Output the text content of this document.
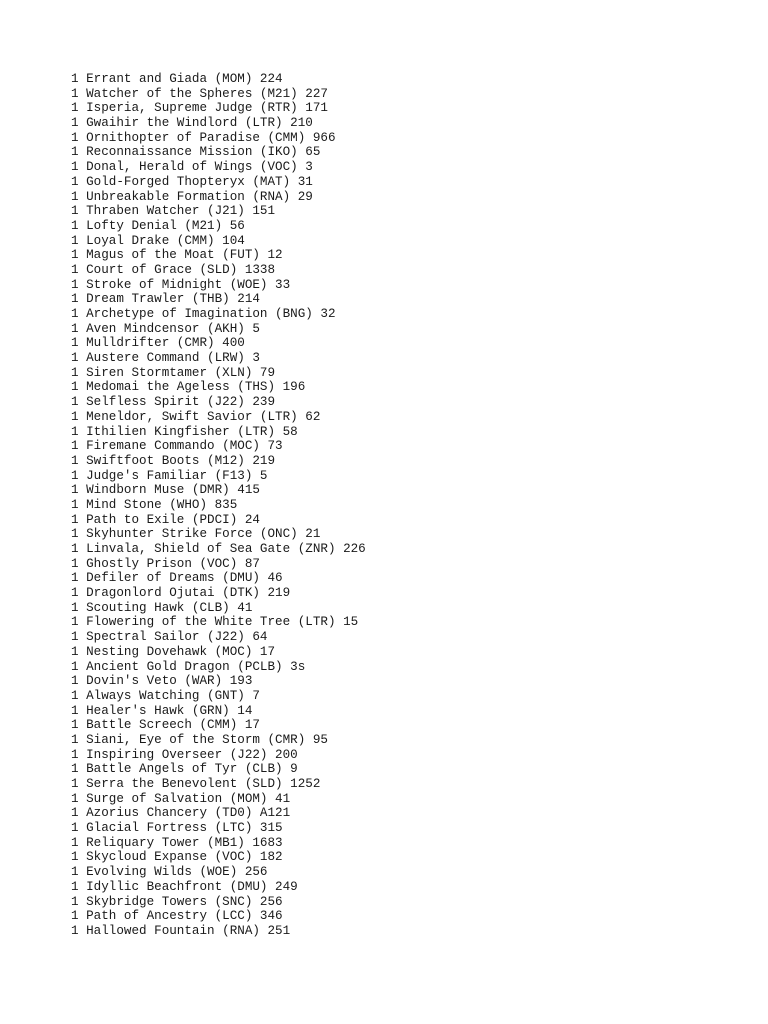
1 Errant and Giada (MOM) 224
1 Watcher of the Spheres (M21) 227
1 Isperia, Supreme Judge (RTR) 171
1 Gwaihir the Windlord (LTR) 210
1 Ornithopter of Paradise (CMM) 966
1 Reconnaissance Mission (IKO) 65
1 Donal, Herald of Wings (VOC) 3
1 Gold-Forged Thopteryx (MAT) 31
1 Unbreakable Formation (RNA) 29
1 Thraben Watcher (J21) 151
1 Lofty Denial (M21) 56
1 Loyal Drake (CMM) 104
1 Magus of the Moat (FUT) 12
1 Court of Grace (SLD) 1338
1 Stroke of Midnight (WOE) 33
1 Dream Trawler (THB) 214
1 Archetype of Imagination (BNG) 32
1 Aven Mindcensor (AKH) 5
1 Mulldrifter (CMR) 400
1 Austere Command (LRW) 3
1 Siren Stormtamer (XLN) 79
1 Medomai the Ageless (THS) 196
1 Selfless Spirit (J22) 239
1 Meneldor, Swift Savior (LTR) 62
1 Ithilien Kingfisher (LTR) 58
1 Firemane Commando (MOC) 73
1 Swiftfoot Boots (M12) 219
1 Judge's Familiar (F13) 5
1 Windborn Muse (DMR) 415
1 Mind Stone (WHO) 835
1 Path to Exile (PDCI) 24
1 Skyhunter Strike Force (ONC) 21
1 Linvala, Shield of Sea Gate (ZNR) 226
1 Ghostly Prison (VOC) 87
1 Defiler of Dreams (DMU) 46
1 Dragonlord Ojutai (DTK) 219
1 Scouting Hawk (CLB) 41
1 Flowering of the White Tree (LTR) 15
1 Spectral Sailor (J22) 64
1 Nesting Dovehawk (MOC) 17
1 Ancient Gold Dragon (PCLB) 3s
1 Dovin's Veto (WAR) 193
1 Always Watching (GNT) 7
1 Healer's Hawk (GRN) 14
1 Battle Screech (CMM) 17
1 Siani, Eye of the Storm (CMR) 95
1 Inspiring Overseer (J22) 200
1 Battle Angels of Tyr (CLB) 9
1 Serra the Benevolent (SLD) 1252
1 Surge of Salvation (MOM) 41
1 Azorius Chancery (TD0) A121
1 Glacial Fortress (LTC) 315
1 Reliquary Tower (MB1) 1683
1 Skycloud Expanse (VOC) 182
1 Evolving Wilds (WOE) 256
1 Idyllic Beachfront (DMU) 249
1 Skybridge Towers (SNC) 256
1 Path of Ancestry (LCC) 346
1 Hallowed Fountain (RNA) 251
